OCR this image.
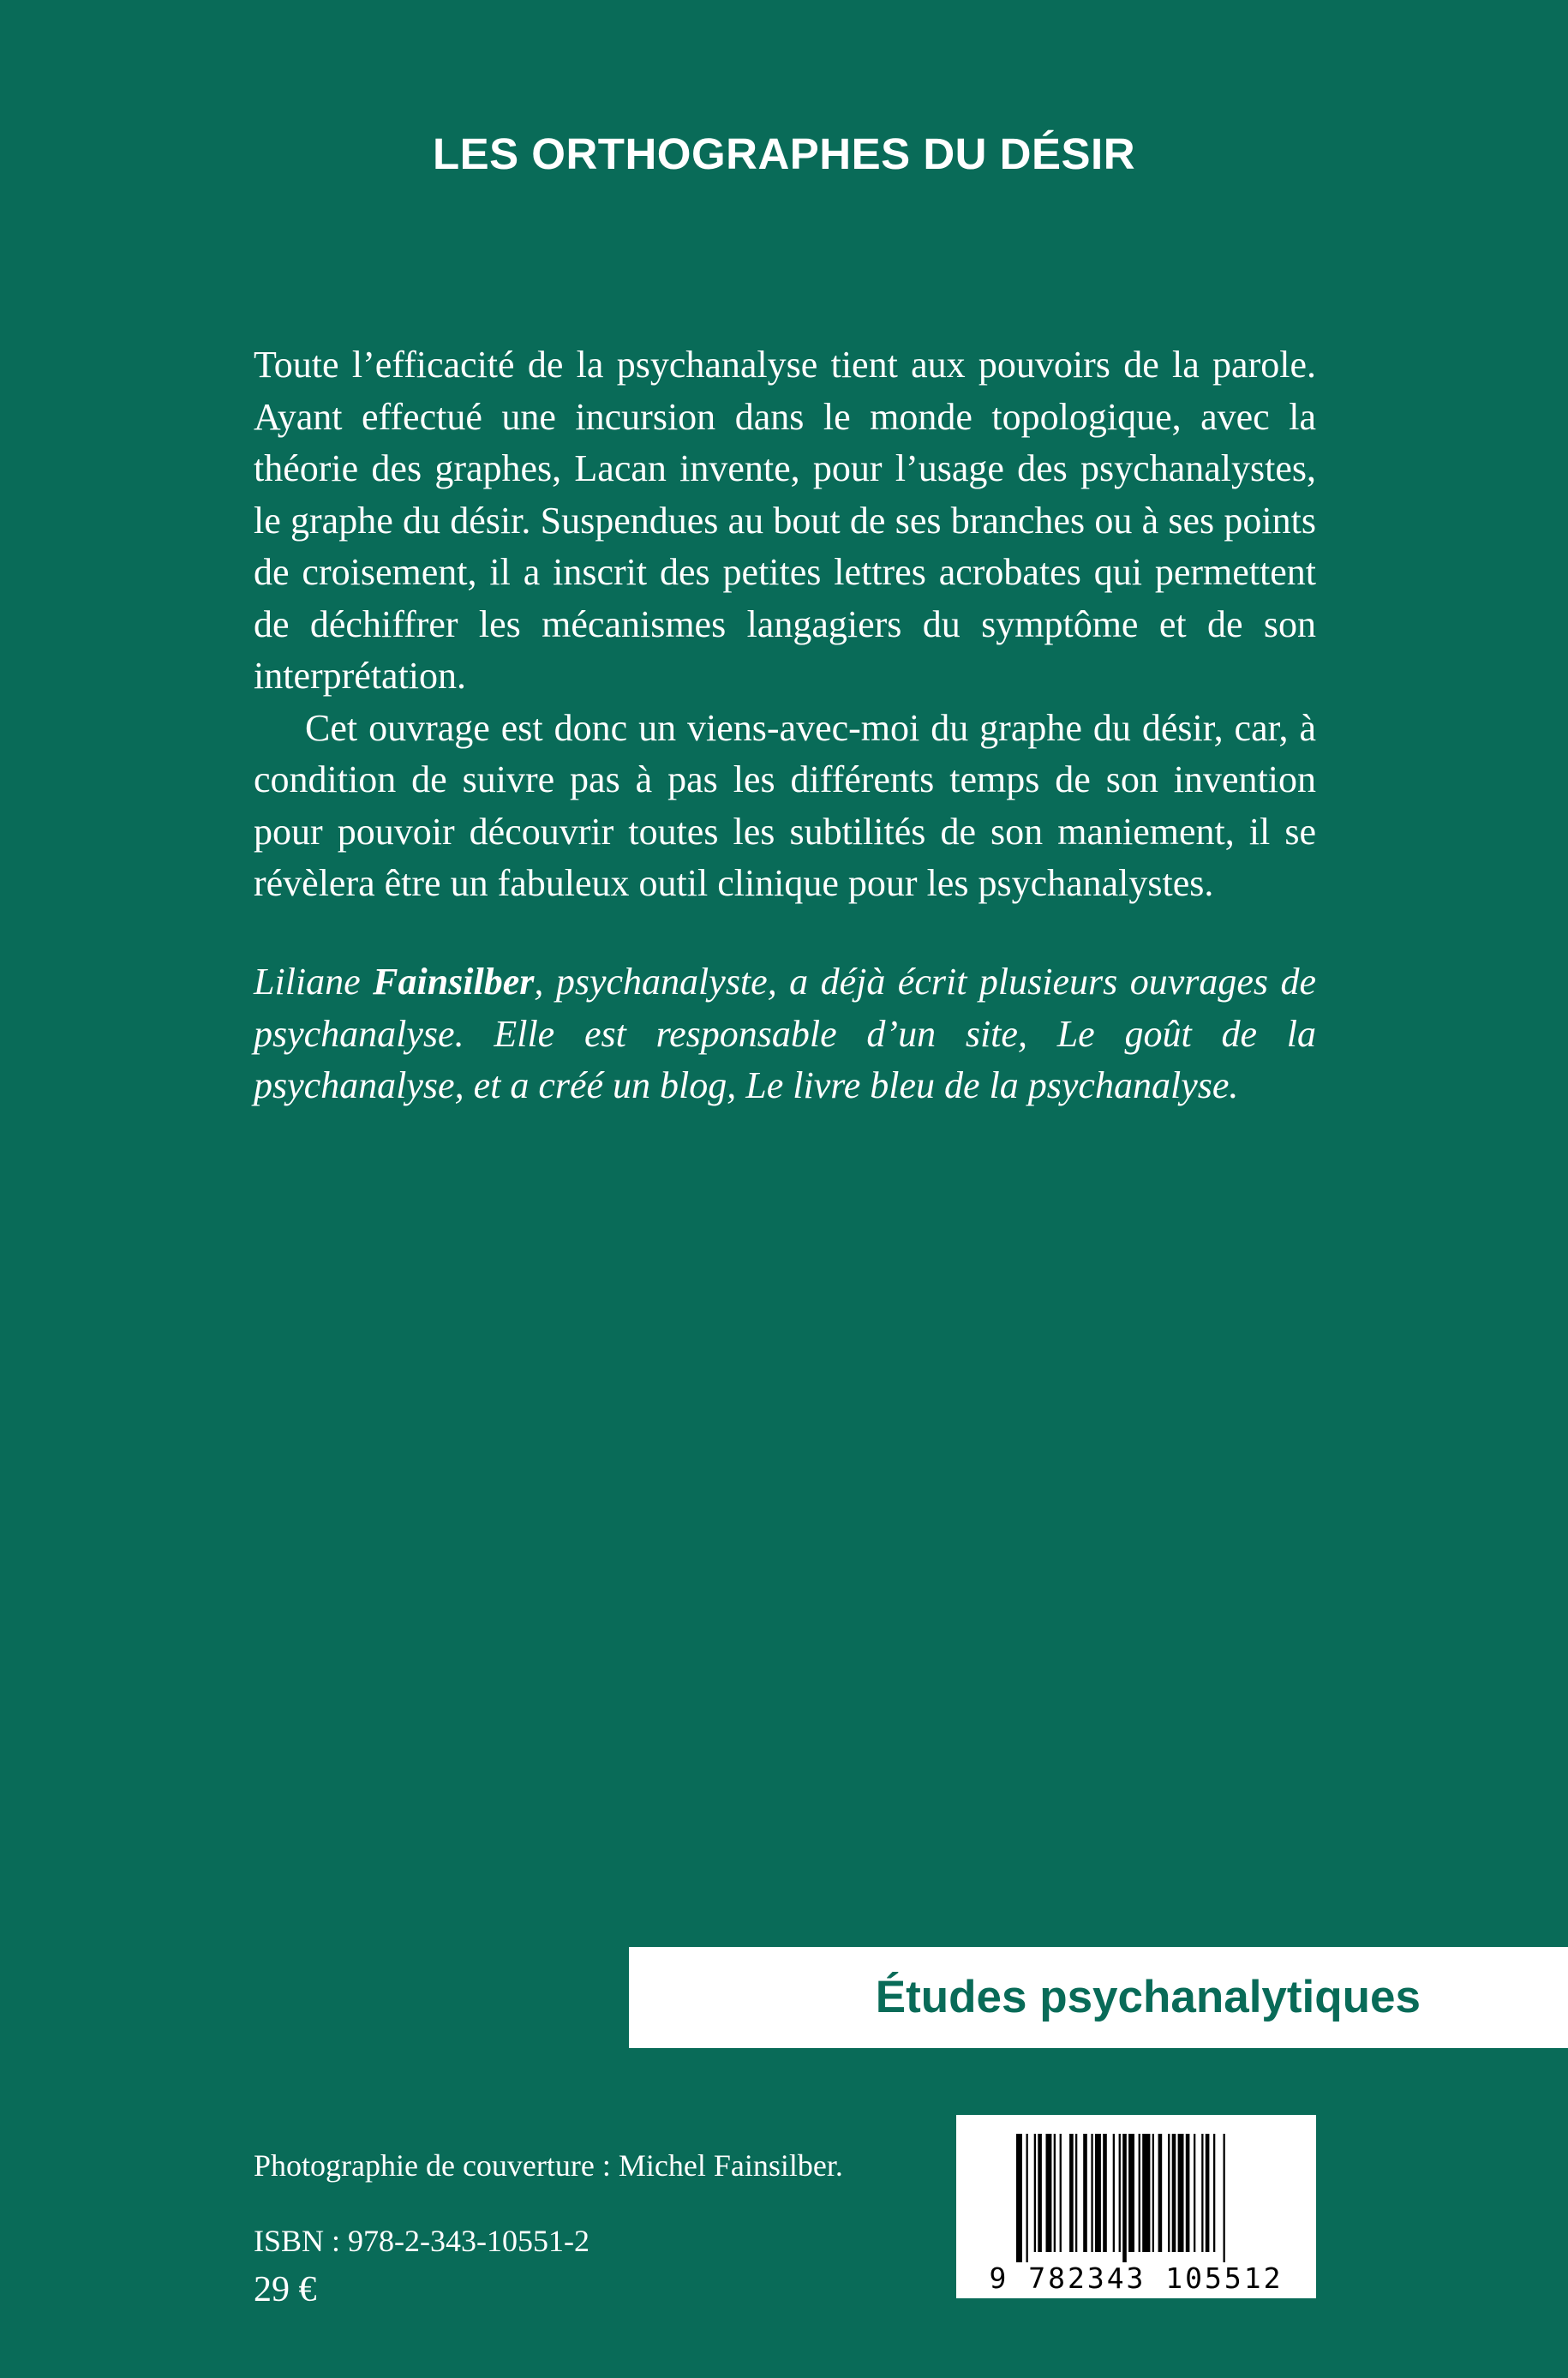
LES ORTHOGRAPHES DU DÉSIR

Toute l’efficacité de la psychanalyse tient aux pouvoirs de la parole. Ayant effectué une incursion dans le monde topologique, avec la théorie des graphes, Lacan invente, pour l’usage des psychanalystes, le graphe du désir. Suspendues au bout de ses branches ou à ses points de croisement, il a inscrit des petites lettres acrobates qui permettent de déchiffrer les mécanismes langagiers du symptôme et de son interprétation.

Cet ouvrage est donc un viens-avec-moi du graphe du désir, car, à condition de suivre pas à pas les différents temps de son invention pour pouvoir découvrir toutes les subtilités de son maniement, il se révèlera être un fabuleux outil clinique pour les psychanalystes.

Liliane Fainsilber, psychanalyste, a déjà écrit plusieurs ouvrages de psychanalyse. Elle est responsable d’un site, Le goût de la psychanalyse, et a créé un blog, Le livre bleu de la psychanalyse.

Études psychanalytiques
Photographie de couverture : Michel Fainsilber.
ISBN : 978-2-343-10551-2
29 €	9 782343 105512
